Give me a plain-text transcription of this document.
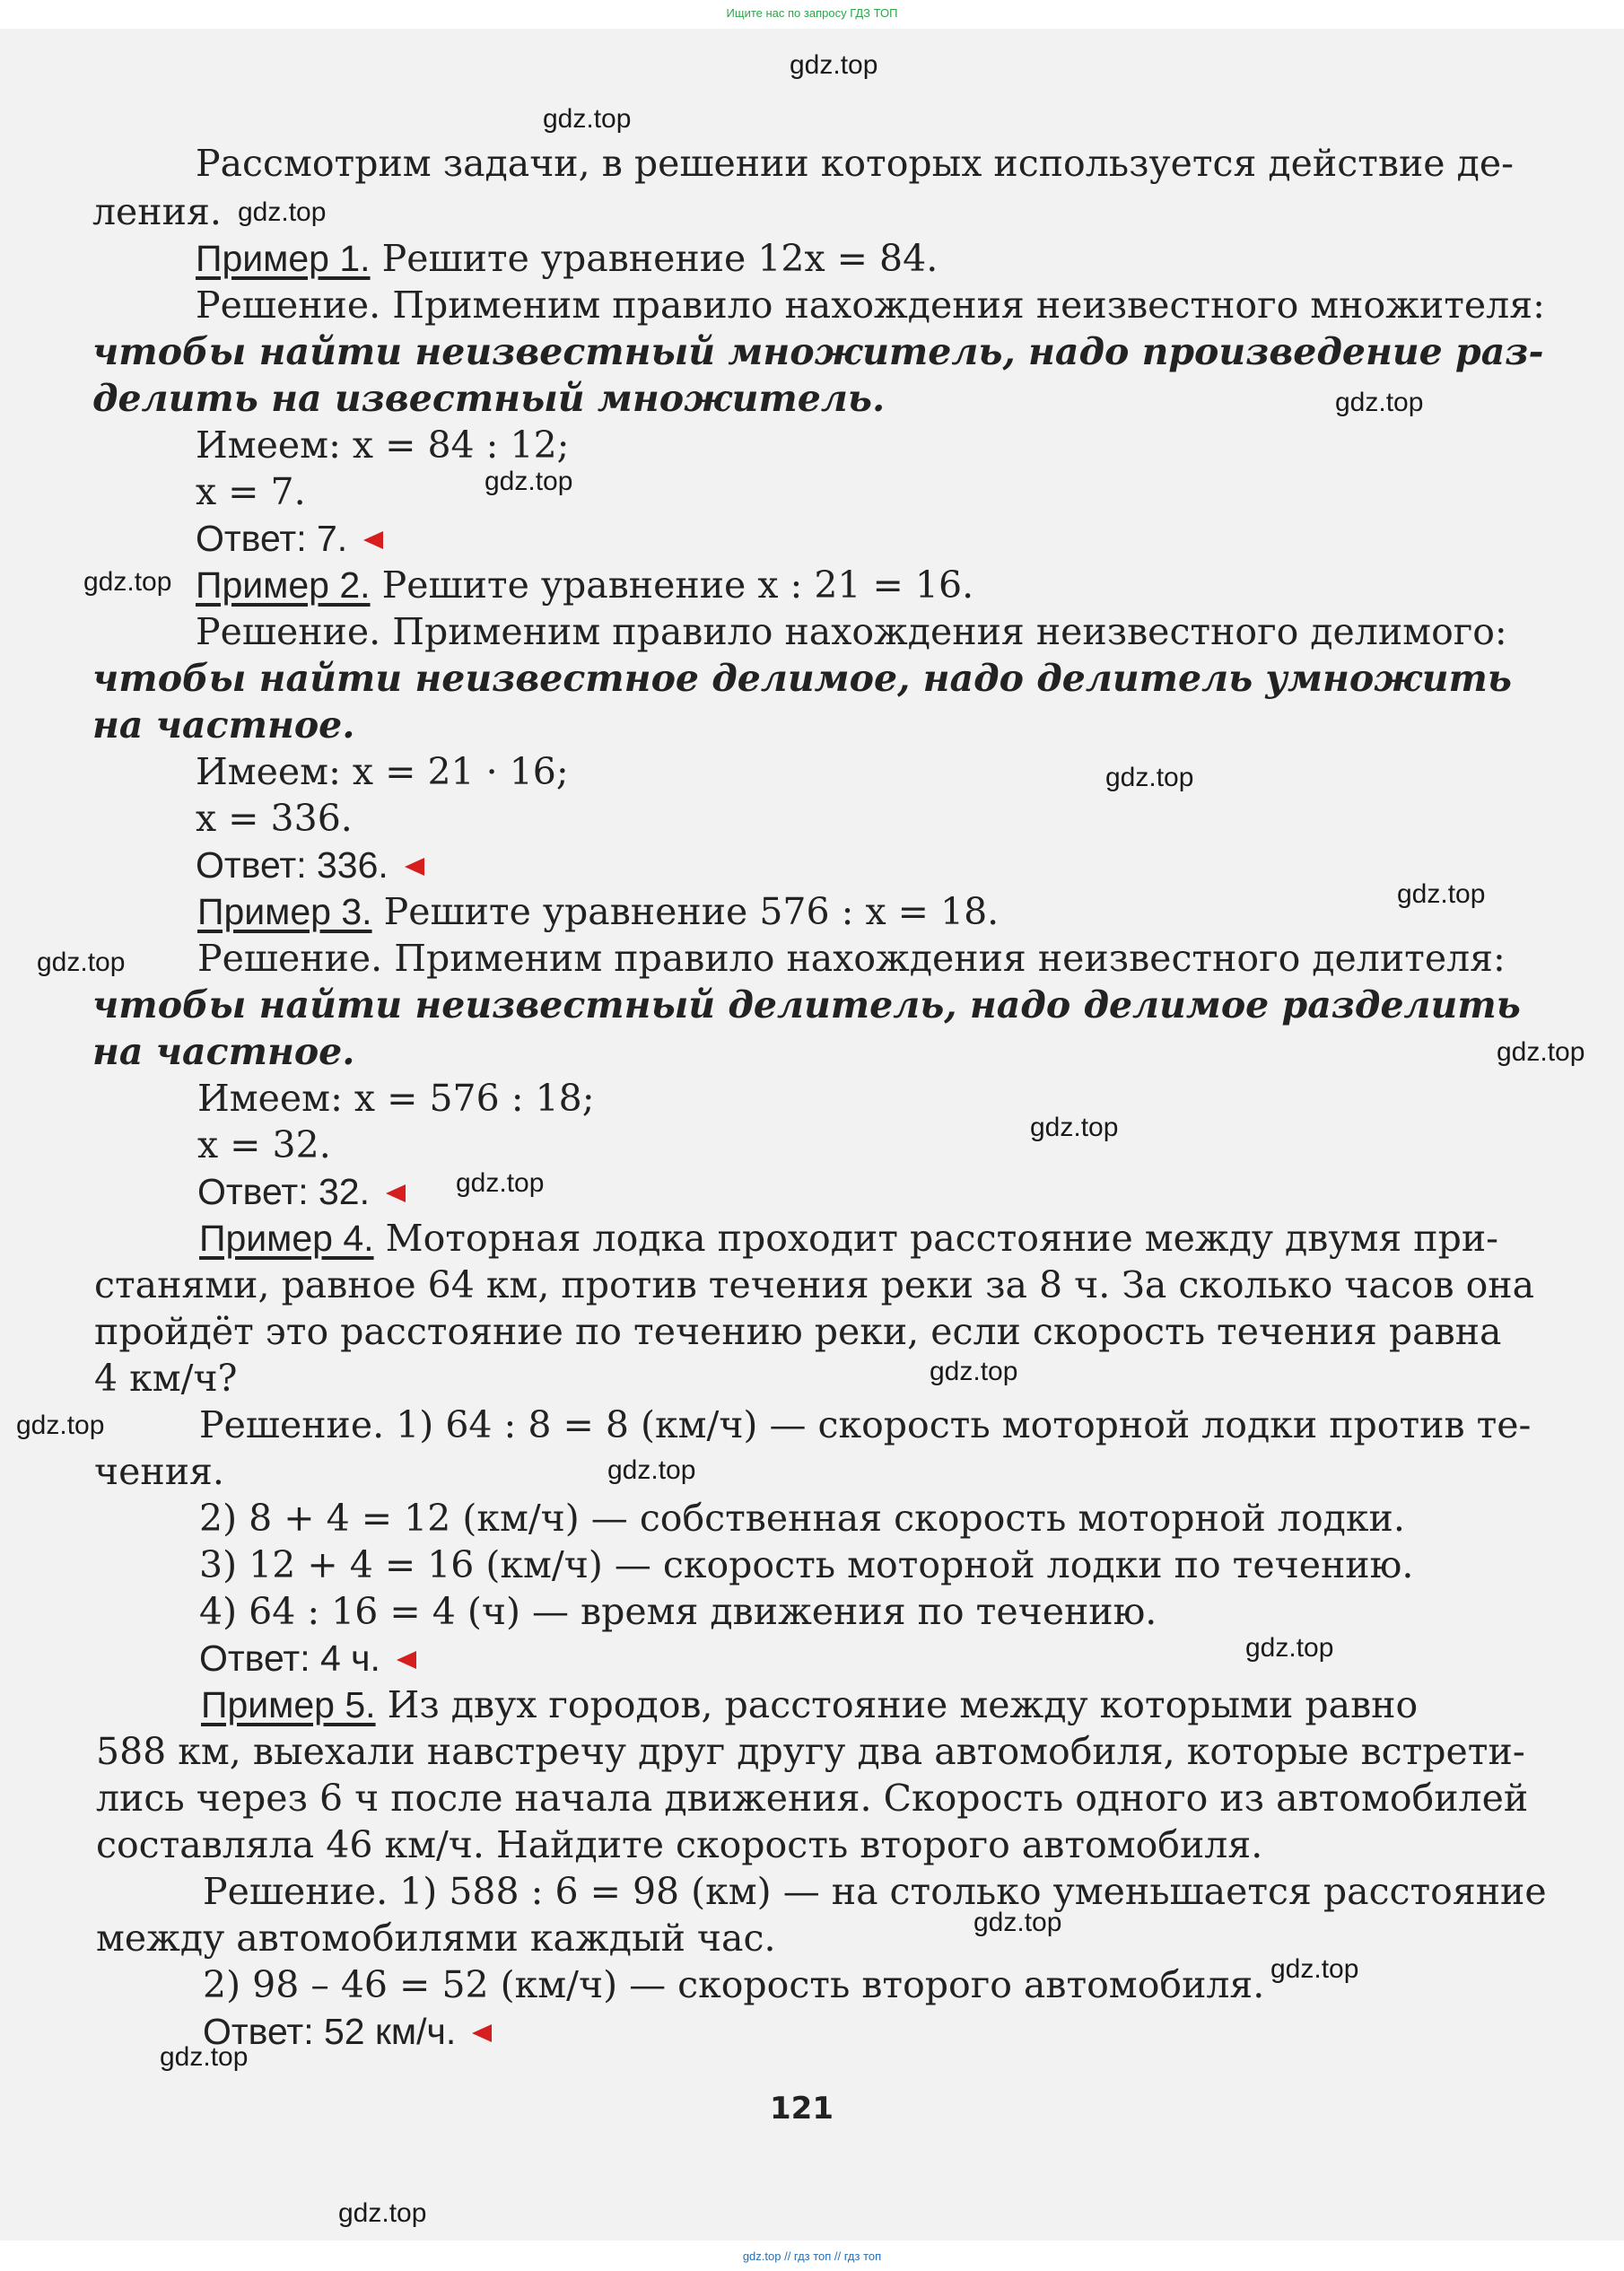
Ищите нас по запросу ГДЗ ТОП
Рассмотрим задачи, в решении которых используется действие де-
ления.
Пример 1. Решите уравнение 12x = 84.
Решение. Применим правило нахождения неизвестного множителя:
чтобы найти неизвестный множитель, надо произведение раз-
делить на известный множитель.
Имеем: x = 84 : 12;
x = 7.
Ответ: 7.
Пример 2. Решите уравнение x : 21 = 16.
Решение. Применим правило нахождения неизвестного делимого:
чтобы найти неизвестное делимое, надо делитель умножить
на частное.
Имеем: x = 21 · 16;
x = 336.
Ответ: 336.
Пример 3. Решите уравнение 576 : x = 18.
Решение. Применим правило нахождения неизвестного делителя:
чтобы найти неизвестный делитель, надо делимое разделить
на частное.
Имеем: x = 576 : 18;
x = 32.
Ответ: 32.
Пример 4. Моторная лодка проходит расстояние между двумя при-
станями, равное 64 км, против течения реки за 8 ч. За сколько часов она
пройдёт это расстояние по течению реки, если скорость течения равна
4 км/ч?
Решение. 1) 64 : 8 = 8 (км/ч) — скорость моторной лодки против те-
чения.
2) 8 + 4 = 12 (км/ч) — собственная скорость моторной лодки.
3) 12 + 4 = 16 (км/ч) — скорость моторной лодки по течению.
4) 64 : 16 = 4 (ч) — время движения по течению.
Ответ: 4 ч.
Пример 5. Из двух городов, расстояние между которыми равно
588 км, выехали навстречу друг другу два автомобиля, которые встрети-
лись через 6 ч после начала движения. Скорость одного из автомобилей
составляла 46 км/ч. Найдите скорость второго автомобиля.
Решение. 1) 588 : 6 = 98 (км) — на столько уменьшается расстояние
между автомобилями каждый час.
2) 98 – 46 = 52 (км/ч) — скорость второго автомобиля.
Ответ: 52 км/ч.
121
gdz.top
gdz.top
gdz.top
gdz.top
gdz.top
gdz.top
gdz.top
gdz.top
gdz.top
gdz.top
gdz.top
gdz.top
gdz.top
gdz.top
gdz.top
gdz.top
gdz.top
gdz.top
gdz.top
gdz.top
gdz.top // гдз топ // гдз топ
